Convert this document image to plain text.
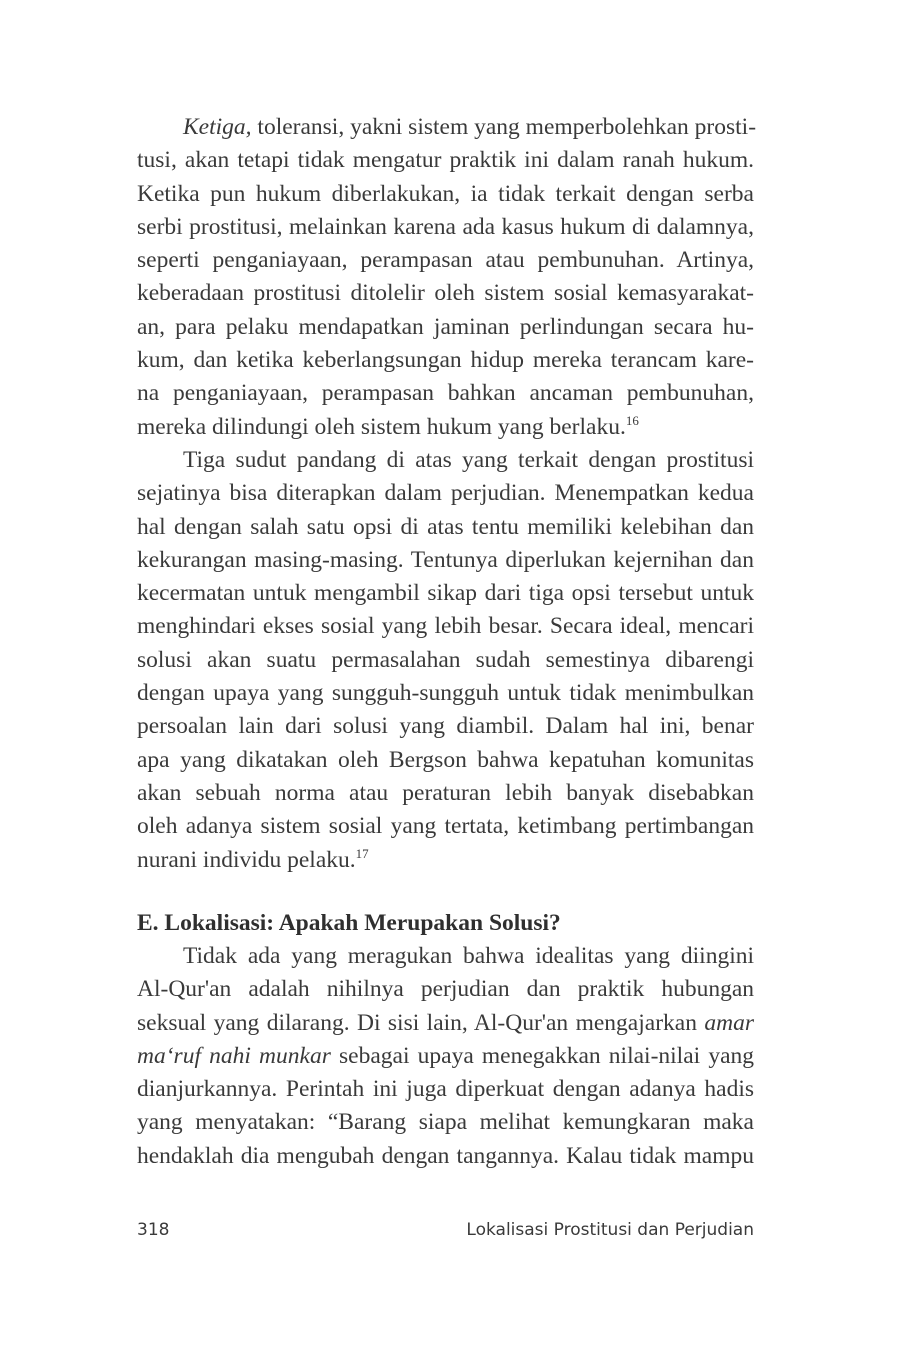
Ketiga, toleransi, yakni sistem yang memperbolehkan prosti-
tusi, akan tetapi tidak mengatur praktik ini dalam ranah hukum.
Ketika pun hukum diberlakukan, ia tidak terkait dengan serba
serbi prostitusi, melainkan karena ada kasus hukum di dalamnya,
seperti penganiayaan, perampasan atau pembunuhan. Artinya,
keberadaan prostitusi ditolelir oleh sistem sosial kemasyarakat-
an, para pelaku mendapatkan jaminan perlindungan secara hu-
kum, dan ketika keberlangsungan hidup mereka terancam kare-
na penganiayaan, perampasan bahkan ancaman pembunuhan,
mereka dilindungi oleh sistem hukum yang berlaku.$^{16}$
Tiga sudut pandang di atas yang terkait dengan prostitusi
sejatinya bisa diterapkan dalam perjudian. Menempatkan kedua
hal dengan salah satu opsi di atas tentu memiliki kelebihan dan
kekurangan masing-masing. Tentunya diperlukan kejernihan dan
kecermatan untuk mengambil sikap dari tiga opsi tersebut untuk
menghindari ekses sosial yang lebih besar. Secara ideal, mencari
solusi akan suatu permasalahan sudah semestinya dibarengi
dengan upaya yang sungguh-sungguh untuk tidak menimbulkan
persoalan lain dari solusi yang diambil. Dalam hal ini, benar
apa yang dikatakan oleh Bergson bahwa kepatuhan komunitas
akan sebuah norma atau peraturan lebih banyak disebabkan
oleh adanya sistem sosial yang tertata, ketimbang pertimbangan
nurani individu pelaku.$^{17}$
E. Lokalisasi: Apakah Merupakan Solusi?
Tidak ada yang meragukan bahwa idealitas yang diingini
Al-Qur'an adalah nihilnya perjudian dan praktik hubungan
seksual yang dilarang. Di sisi lain, Al-Qur'an mengajarkan amar
ma‘ruf nahi munkar sebagai upaya menegakkan nilai-nilai yang
dianjurkannya. Perintah ini juga diperkuat dengan adanya hadis
yang menyatakan: “Barang siapa melihat kemungkaran maka
hendaklah dia mengubah dengan tangannya. Kalau tidak mampu
318	Lokalisasi Prostitusi dan Perjudian
